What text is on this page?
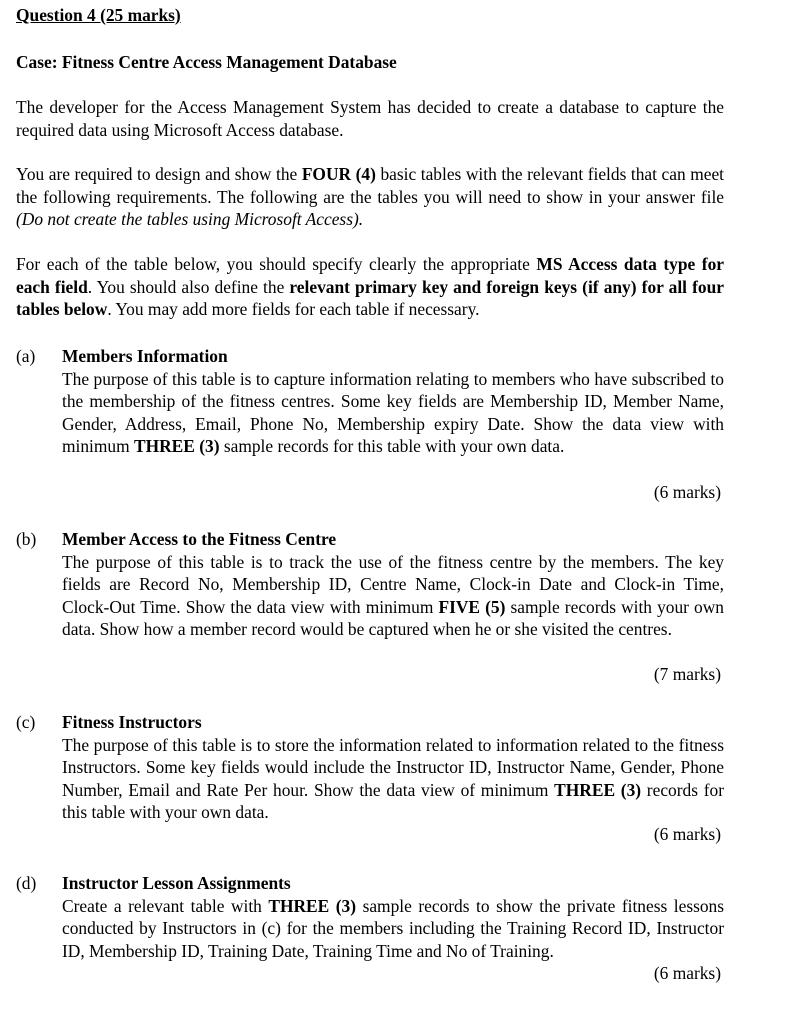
Question 4 (25 marks)
Case: Fitness Centre Access Management Database

The developer for the Access Management System has decided to create a database to capture the required data using Microsoft Access database.

You are required to design and show the FOUR (4) basic tables with the relevant fields that can meet the following requirements. The following are the tables you will need to show in your answer file (Do not create the tables using Microsoft Access).

For each of the table below, you should specify clearly the appropriate MS Access data type for each field. You should also define the relevant primary key and foreign keys (if any) for all four tables below. You may add more fields for each table if necessary.

(a) Members Information
The purpose of this table is to capture information relating to members who have subscribed to the membership of the fitness centres. Some key fields are Membership ID, Member Name, Gender, Address, Email, Phone No, Membership expiry Date. Show the data view with minimum THREE (3) sample records for this table with your own data.
(6 marks)
(b) Member Access to the Fitness Centre
The purpose of this table is to track the use of the fitness centre by the members. The key fields are Record No, Membership ID, Centre Name, Clock-in Date and Clock-in Time, Clock-Out Time. Show the data view with minimum FIVE (5) sample records with your own data. Show how a member record would be captured when he or she visited the centres.
(7 marks)
(c) Fitness Instructors
The purpose of this table is to store the information related to information related to the fitness Instructors. Some key fields would include the Instructor ID, Instructor Name, Gender, Phone Number, Email and Rate Per hour. Show the data view of minimum THREE (3) records for this table with your own data.
(6 marks)
(d) Instructor Lesson Assignments
Create a relevant table with THREE (3) sample records to show the private fitness lessons conducted by Instructors in (c) for the members including the Training Record ID, Instructor ID, Membership ID, Training Date, Training Time and No of Training.
(6 marks)
